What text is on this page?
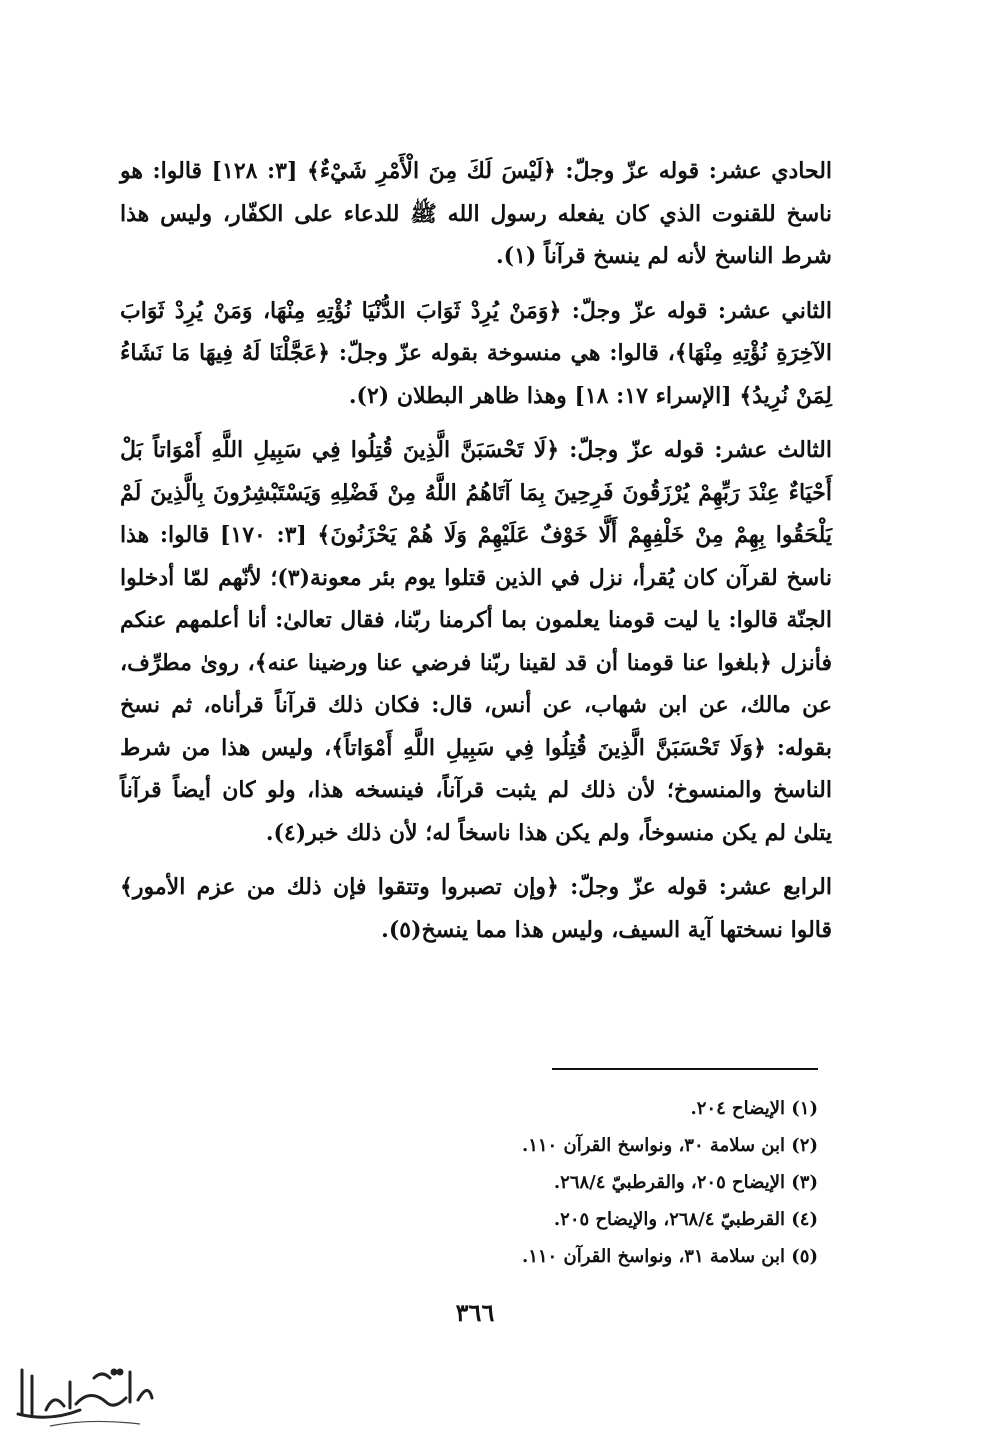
الحادي عشر: قوله عزّ وجلّ: ﴿لَيْسَ لَكَ مِنَ الْأَمْرِ شَيْءٌ﴾ [٣: ١٢٨] قالوا: هو ناسخ للقنوت الذي كان يفعله رسول الله ﷺ للدعاء على الكفّار، وليس هذا شرط الناسخ لأنه لم ينسخ قرآناً (١).

الثاني عشر: قوله عزّ وجلّ: ﴿وَمَنْ يُرِدْ ثَوَابَ الدُّنْيَا نُؤْتِهِ مِنْهَا، وَمَنْ يُرِدْ ثَوَابَ الآخِرَةِ نُؤْتِهِ مِنْهَا﴾، قالوا: هي منسوخة بقوله عزّ وجلّ: ﴿عَجَّلْنَا لَهُ فِيهَا مَا نَشَاءُ لِمَنْ نُرِيدُ﴾ [الإسراء ١٧: ١٨] وهذا ظاهر البطلان (٢).

الثالث عشر: قوله عزّ وجلّ: ﴿لَا تَحْسَبَنَّ الَّذِينَ قُتِلُوا فِي سَبِيلِ اللَّهِ أَمْوَاتاً بَلْ أَحْيَاءٌ عِنْدَ رَبِّهِمْ يُرْزَقُونَ فَرِحِينَ بِمَا آتَاهُمُ اللَّهُ مِنْ فَضْلِهِ وَيَسْتَبْشِرُونَ بِالَّذِينَ لَمْ يَلْحَقُوا بِهِمْ مِنْ خَلْفِهِمْ أَلَّا خَوْفٌ عَلَيْهِمْ وَلَا هُمْ يَحْزَنُونَ﴾ [٣: ١٧٠] قالوا: هذا ناسخ لقرآن كان يُقرأ، نزل في الذين قتلوا يوم بئر معونة(٣)؛ لأنّهم لمّا أدخلوا الجنّة قالوا: يا ليت قومنا يعلمون بما أكرمنا ربّنا، فقال تعالىٰ: أنا أعلمهم عنكم فأنزل ﴿بلغوا عنا قومنا أن قد لقينا ربّنا فرضي عنا ورضينا عنه﴾، روىٰ مطرِّف، عن مالك، عن ابن شهاب، عن أنس، قال: فكان ذلك قرآناً قرأناه، ثم نسخ بقوله: ﴿وَلَا تَحْسَبَنَّ الَّذِينَ قُتِلُوا فِي سَبِيلِ اللَّهِ أَمْوَاتاً﴾، وليس هذا من شرط الناسخ والمنسوخ؛ لأن ذلك لم يثبت قرآناً، فينسخه هذا، ولو كان أيضاً قرآناً يتلىٰ لم يكن منسوخاً، ولم يكن هذا ناسخاً له؛ لأن ذلك خبر(٤).

الرابع عشر: قوله عزّ وجلّ: ﴿وإن تصبروا وتتقوا فإن ذلك من عزم الأمور﴾ قالوا نسختها آية السيف، وليس هذا مما ينسخ(٥).

(١) الإيضاح ٢٠٤.
(٢) ابن سلامة ٣٠، ونواسخ القرآن ١١٠.
(٣) الإيضاح ٢٠٥، والقرطبيّ ٢٦٨/٤.
(٤) القرطبيّ ٢٦٨/٤، والإيضاح ٢٠٥.
(٥) ابن سلامة ٣١، ونواسخ القرآن ١١٠.
٣٦٦
